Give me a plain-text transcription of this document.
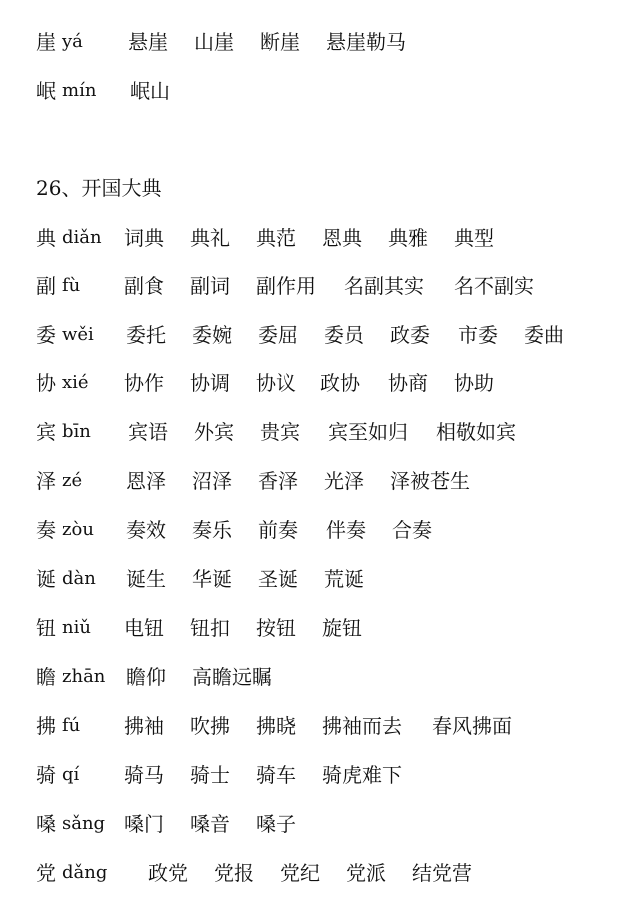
崖 yá 悬崖 山崖 断崖 悬崖勒马
岷 mín 岷山
26、开国大典
典 diǎn 词典 典礼 典范 恩典 典雅 典型
副 fù 副食 副词 副作用 名副其实 名不副实
委 wěi 委托 委婉 委屈 委员 政委 市委 委曲
协 xié 协作 协调 协议 政协 协商 协助
宾 bīn 宾语 外宾 贵宾 宾至如归 相敬如宾
泽 zé 恩泽 沼泽 香泽 光泽 泽被苍生
奏 zòu 奏效 奏乐 前奏 伴奏 合奏
诞 dàn 诞生 华诞 圣诞 荒诞
钮 niǔ 电钮 钮扣 按钮 旋钮
瞻 zhān 瞻仰 高瞻远瞩
拂 fú 拂袖 吹拂 拂晓 拂袖而去 春风拂面
骑 qí 骑马 骑士 骑车 骑虎难下
嗓 sǎng 嗓门 嗓音 嗓子
党 dǎng 政党 党报 党纪 党派 结党营
